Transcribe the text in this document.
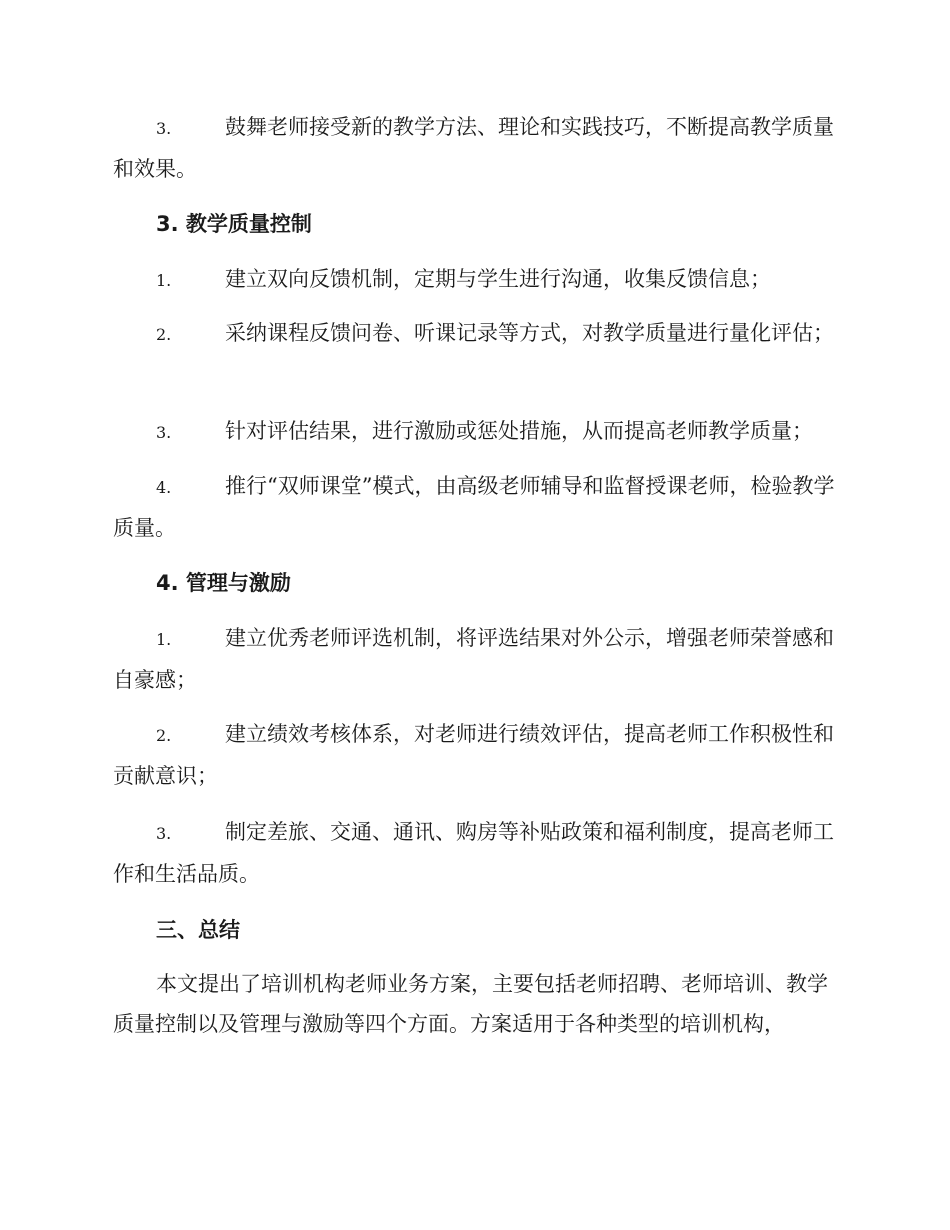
3.	鼓舞老师接受新的教学方法、理论和实践技巧，不断提高教学质量和效果。

3. 教学质量控制

1.	建立双向反馈机制，定期与学生进行沟通，收集反馈信息；

2.	采纳课程反馈问卷、听课记录等方式，对教学质量进行量化评估；

3.	针对评估结果，进行激励或惩处措施，从而提高老师教学质量；

4.	推行“双师课堂”模式，由高级老师辅导和监督授课老师，检验教学质量。

4. 管理与激励

1.	建立优秀老师评选机制，将评选结果对外公示，增强老师荣誉感和自豪感；

2.	建立绩效考核体系，对老师进行绩效评估，提高老师工作积极性和贡献意识；

3.	制定差旅、交通、通讯、购房等补贴政策和福利制度，提高老师工作和生活品质。

三、总结

本文提出了培训机构老师业务方案，主要包括老师招聘、老师培训、教学质量控制以及管理与激励等四个方面。方案适用于各种类型的培训机构，
